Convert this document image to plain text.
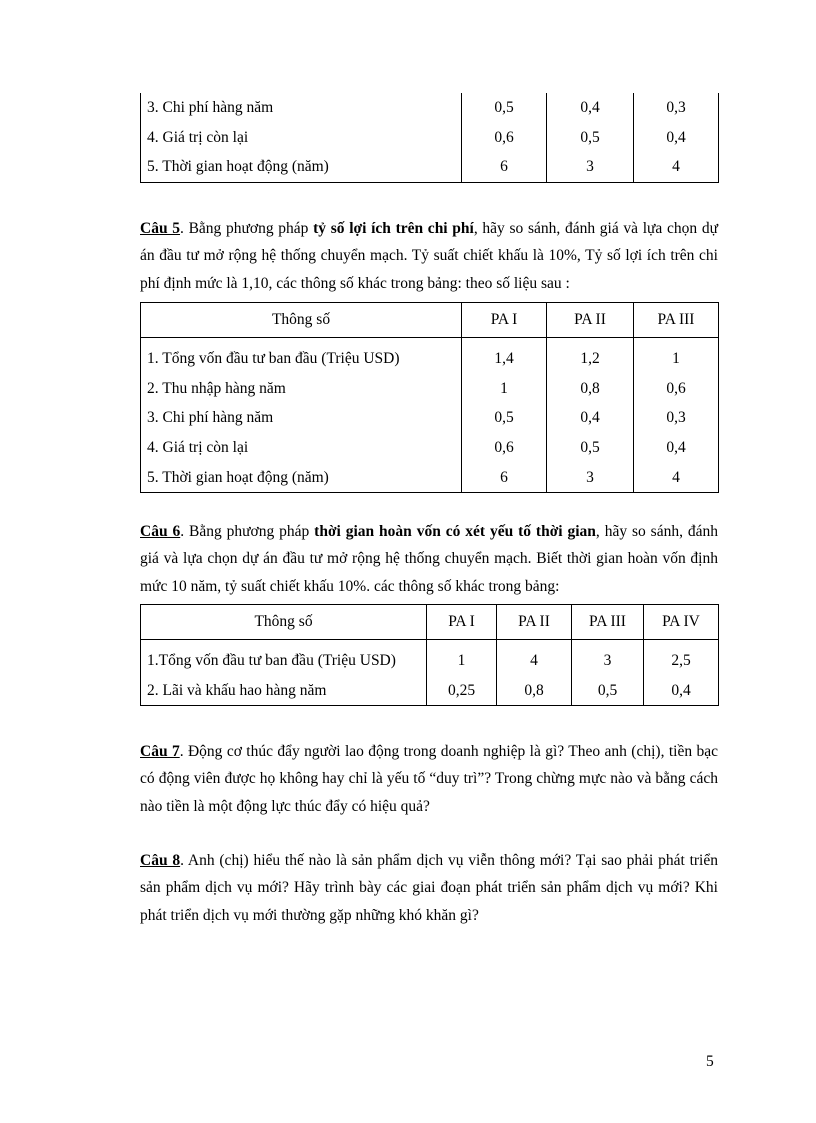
3. Chi phí hàng năm	0,5	0,4	0,3
4. Giá trị còn lại	0,6	0,5	0,4
5. Thời gian hoạt động (năm)	6	3	4

Câu 5. Bằng phương pháp tỷ số lợi ích trên chi phí, hãy so sánh, đánh giá và lựa chọn dự án đầu tư mở rộng hệ thống chuyển mạch. Tỷ suất chiết khấu là 10%, Tỷ số lợi ích trên chi phí định mức là 1,10, các thông số khác trong bảng: theo số liệu sau :

Thông số	PA I	PA II	PA III
1. Tổng vốn đầu tư ban đầu (Triệu USD)	1,4	1,2	1
2. Thu nhập hàng năm	1	0,8	0,6
3. Chi phí hàng năm	0,5	0,4	0,3
4. Giá trị còn lại	0,6	0,5	0,4
5. Thời gian hoạt động (năm)	6	3	4

Câu 6. Bằng phương pháp thời gian hoàn vốn có xét yếu tố thời gian, hãy so sánh, đánh giá và lựa chọn dự án đầu tư mở rộng hệ thống chuyển mạch. Biết thời gian hoàn vốn định mức 10 năm, tỷ suất chiết khấu 10%. các thông số khác trong bảng:

Thông số	PA I	PA II	PA III	PA IV
1.Tổng vốn đầu tư ban đầu (Triệu USD)	1	4	3	2,5
2. Lãi và khấu hao hàng năm	0,25	0,8	0,5	0,4

Câu 7. Động cơ thúc đẩy người lao động trong doanh nghiệp là gì? Theo anh (chị), tiền bạc có động viên được họ không hay chỉ là yếu tố “duy trì”? Trong chừng mực nào và bằng cách nào tiền là một động lực thúc đẩy có hiệu quả?

Câu 8. Anh (chị) hiểu thế nào là sản phẩm dịch vụ viễn thông mới? Tại sao phải phát triển sản phẩm dịch vụ mới? Hãy trình bày các giai đoạn phát triển sản phẩm dịch vụ mới? Khi phát triển dịch vụ mới thường gặp những khó khăn gì?

5
